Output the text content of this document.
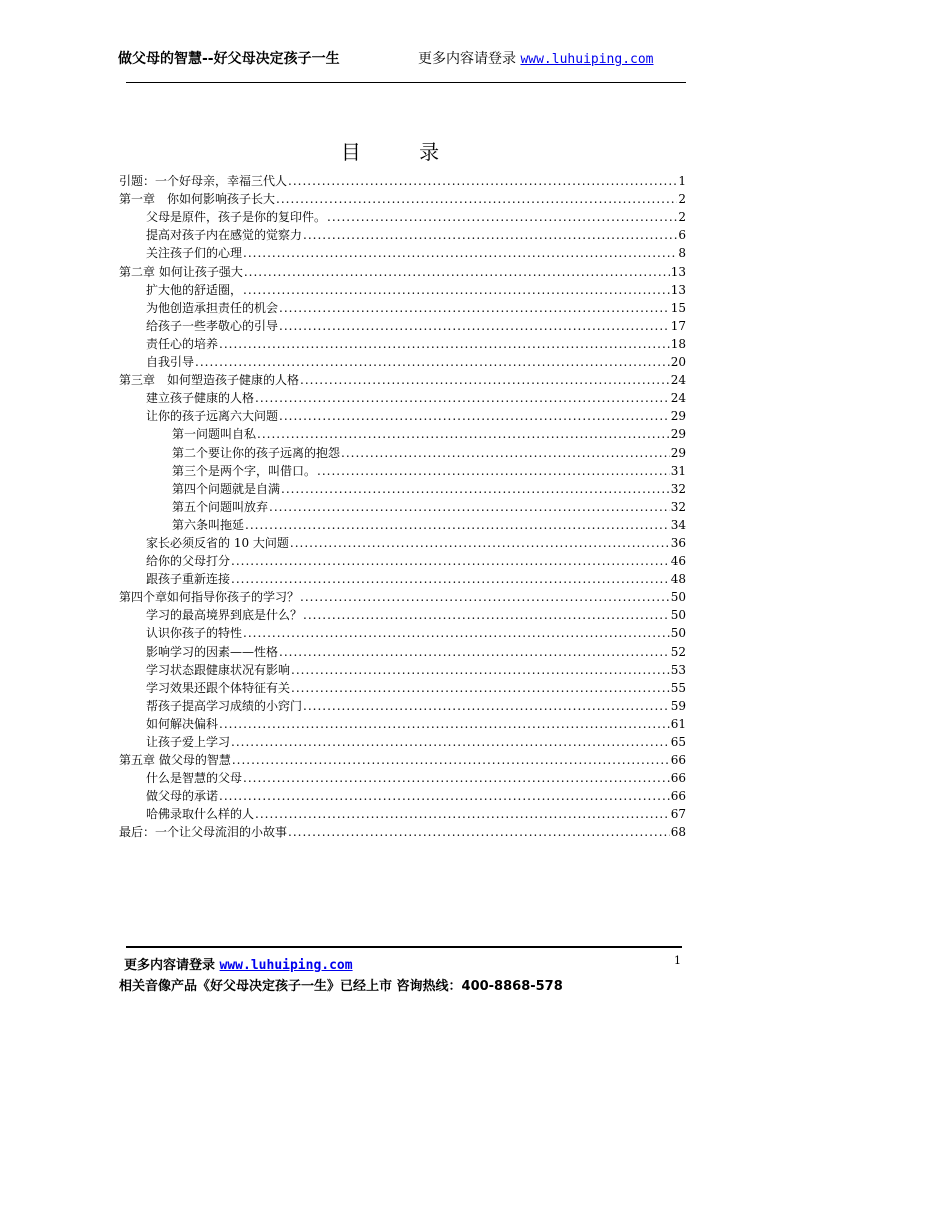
做父母的智慧--好父母决定孩子一生	更多内容请登录 www.luhuiping.com
目 录
引题：一个好母亲，幸福三代人 .....	1
第一章　你如何影响孩子长大 .....	2
父母是原件，孩子是你的复印件。 .....	2
提高对孩子内在感觉的觉察力 .....	6
关注孩子们的心理 .....	8
第二章 如何让孩子强大 .....	13
扩大他的舒适圈， .....	13
为他创造承担责任的机会 .....	15
给孩子一些孝敬心的引导 .....	17
责任心的培养 .....	18
自我引导 .....	20
第三章　如何塑造孩子健康的人格 .....	24
建立孩子健康的人格 .....	24
让你的孩子远离六大问题 .....	29
第一问题叫自私 .....	29
第二个要让你的孩子远离的抱怨 .....	29
第三个是两个字，叫借口。 .....	31
第四个问题就是自满 .....	32
第五个问题叫放弃 .....	32
第六条叫拖延 .....	34
家长必须反省的 10 大问题 .....	36
给你的父母打分 .....	46
跟孩子重新连接 .....	48
第四个章如何指导你孩子的学习？ .....	50
学习的最高境界到底是什么？ .....	50
认识你孩子的特性 .....	50
影响学习的因素——性格 .....	52
学习状态跟健康状况有影响 .....	53
学习效果还跟个体特征有关 .....	55
帮孩子提高学习成绩的小窍门 .....	59
如何解决偏科 .....	61
让孩子爱上学习 .....	65
第五章 做父母的智慧 .....	66
什么是智慧的父母 .....	66
做父母的承诺 .....	66
哈佛录取什么样的人 .....	67
最后：一个让父母流泪的小故事 .....	68
更多内容请登录 www.luhuiping.com	1
相关音像产品《好父母决定孩子一生》已经上市 咨询热线：400-8868-578
